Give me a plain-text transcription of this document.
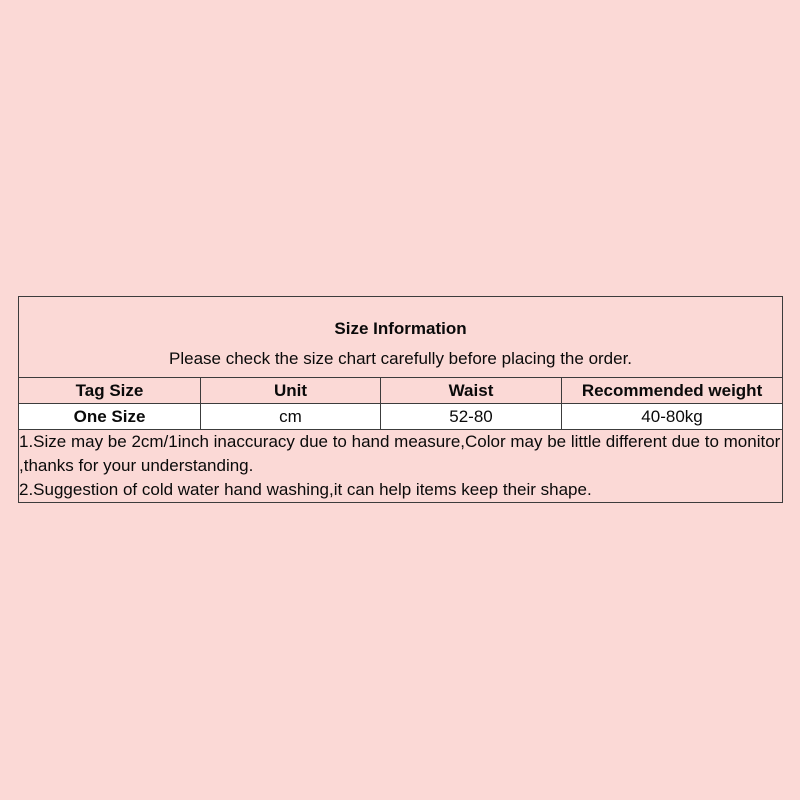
Size Information
Please check the size chart carefully before placing the order.			

Tag Size	Unit	Waist	Recommended weight
One Size	cm	52-80	40-80kg

1.Size may be 2cm/1inch inaccuracy due to hand measure,Color may be little different due to monitor ,thanks for your understanding.
2.Suggestion of cold water hand washing,it can help items keep their shape.			
